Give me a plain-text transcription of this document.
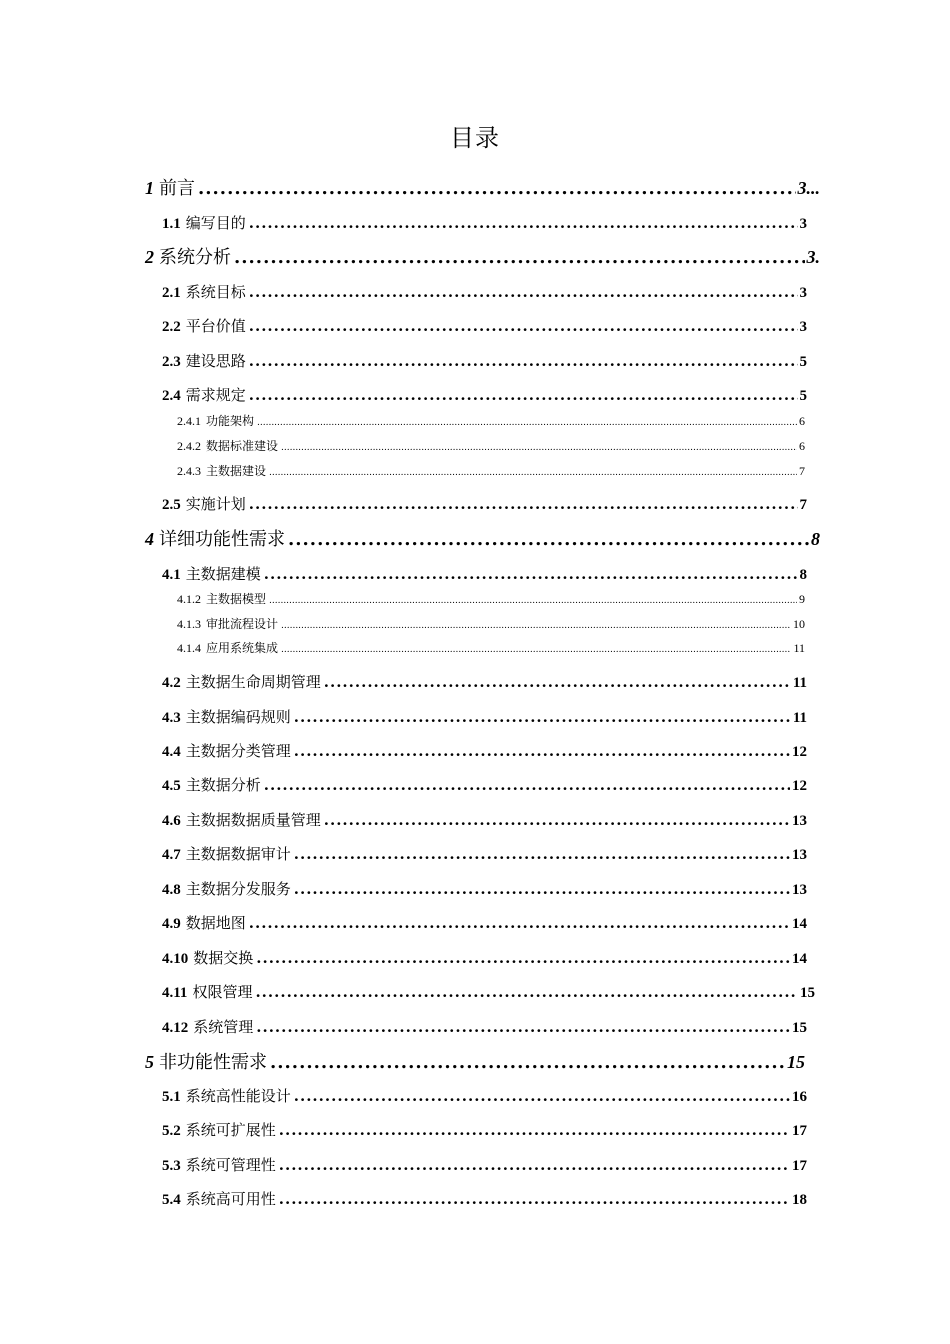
目录
1 前言 .....	3...
1.1 编写目的 .....	3
2 系统分析 .....	3.
2.1 系统目标 .....	3
2.2 平台价值 .....	3
2.3 建设思路 .....	5
2.4 需求规定 .....	5
2.4.1 功能架构 .....	6
2.4.2 数据标准建设 .....	6
2.4.3 主数据建设 .....	7
2.5 实施计划 .....	7
4 详细功能性需求 .....	8
4.1 主数据建模 .....	8
4.1.2 主数据模型 .....	9
4.1.3 审批流程设计 .....	10
4.1.4 应用系统集成 .....	11
4.2 主数据生命周期管理 .....	11
4.3 主数据编码规则 .....	11
4.4 主数据分类管理 .....	12
4.5 主数据分析 .....	12
4.6 主数据数据质量管理 .....	13
4.7 主数据数据审计 .....	13
4.8 主数据分发服务 .....	13
4.9 数据地图 .....	14
4.10 数据交换 .....	14
4.11 权限管理 .....	15
4.12 系统管理 .....	15
5 非功能性需求 .....	15
5.1 系统高性能设计 .....	16
5.2 系统可扩展性 .....	17
5.3 系统可管理性 .....	17
5.4 系统高可用性 .....	18
